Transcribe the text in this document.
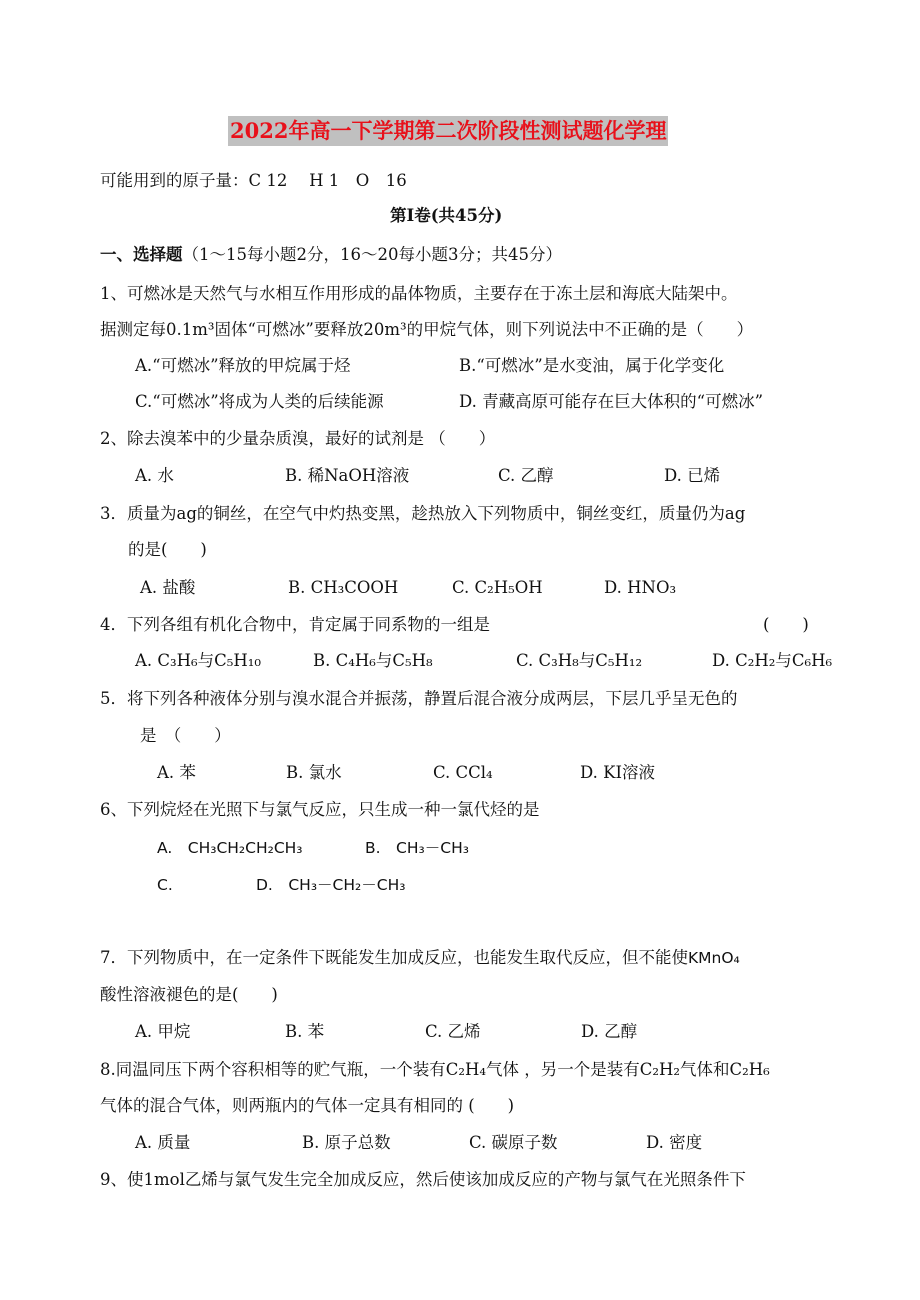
2022年高一下学期第二次阶段性测试题化学理
可能用到的原子量：C 12　 H 1　O　16
第Ⅰ卷(共45分)
一、选择题（1～15每小题2分，16～20每小题3分；共45分）
1、可燃冰是天然气与水相互作用形成的晶体物质，主要存在于冻土层和海底大陆架中。
据测定每0.1m³固体“可燃冰”要释放20m³的甲烷气体，则下列说法中不正确的是（　　）
A.“可燃冰”释放的甲烷属于烃	B.“可燃冰”是水变油，属于化学变化
C.“可燃冰”将成为人类的后续能源	D. 青藏高原可能存在巨大体积的“可燃冰”
2、除去溴苯中的少量杂质溴，最好的试剂是 （　　）
A. 水	B. 稀NaOH溶液	C. 乙醇	D. 已烯
3．质量为ag的铜丝，在空气中灼热变黑，趁热放入下列物质中，铜丝变红，质量仍为ag
的是(　　)
A. 盐酸	B. CH₃COOH	C. C₂H₅OH	D. HNO₃
4．下列各组有机化合物中，肯定属于同系物的一组是	(　　)
A. C₃H₆与C₅H₁₀	B. C₄H₆与C₅H₈	C. C₃H₈与C₅H₁₂	D. C₂H₂与C₆H₆
5．将下列各种液体分别与溴水混合并振荡，静置后混合液分成两层，下层几乎呈无色的
是　（　　）
A. 苯	B. 氯水	C. CCl₄	D. KI溶液
6、下列烷烃在光照下与氯气反应，只生成一种一氯代烃的是
A.　CH₃CH₂CH₂CH₃	B.　CH₃－CH₃
C.	D.　CH₃－CH₂－CH₃
7．下列物质中，在一定条件下既能发生加成反应，也能发生取代反应，但不能使KMnO₄
酸性溶液褪色的是(　　)
A. 甲烷	B. 苯	C. 乙烯	D. 乙醇
8.同温同压下两个容积相等的贮气瓶，一个装有C₂H₄气体 ，另一个是装有C₂H₂气体和C₂H₆
气体的混合气体，则两瓶内的气体一定具有相同的 (　　)
A. 质量	B. 原子总数	C. 碳原子数	D. 密度
9、使1mol乙烯与氯气发生完全加成反应，然后使该加成反应的产物与氯气在光照条件下
